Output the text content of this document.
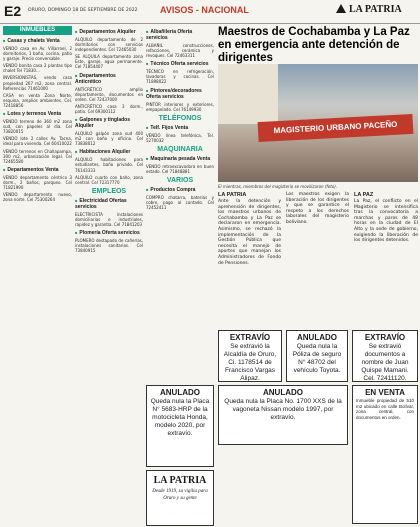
E2 ORURO, DOMINGO 18 DE SEPTIEMBRE DE 2022 AVISOS - NACIONAL	LA PATRIA
INMUEBLES
■ Casas y chalets Venta
VENDO casa en Av. Villarroel, 2 dormitorios, 1 baño, cocina, patio y garaje. Precio conversable.
VENDO bonita casa 2 plantas tipo chalet Tel 71830...
INVERSIONISTAS, vendo casa propiedad 267 m2, zona central. Referencias 71461000
CASA en venta Zona Norte, esquina, amplios ambientes. Cel. 72418856
■ Lotes y terrenos Venta
VENDO terreno de 360 m2 zona sud, con papeles al día. Cel 73820015
VENDO lote 2 calles Av. Tacna, ideal para vivienda. Cel 60410022
VENDO terrenos en Challapampa, 300 m2, urbanización legal. Cel 72465580
■ Departamentos Venta
VENDO departamento céntrico 3 dorm., 2 baños, parqueo. Cel 71821990
VENDO departamento nuevo, zona norte. Cel 75300264
■ Departamentos Alquiler
ALQUILO departamento de 2 dormitorios con servicios independientes. Cel 72465030
SE ALQUILA departamento zona Este, garaje, agua permanente. Cel 71854407
■ Departamentos Anticrético
ANTICRÉTICO amplio departamento, documentos en orden. Cel 72437000
ANTICRÉTICO casa 3 dorm., patio. Cel 69300112
■ Galpones y tinglados Alquiler
ALQUILO galpón zona sud 400 m2 con baño y oficina. Cel 73838012
■ Habitaciones Alquiler
ALQUILO habitaciones para estudiantes, baño privado. Cel 76143333
ALQUILO cuarto con baño, zona central. Cel 72317770
EMPLEOS
■ Electricidad Ofertas servicios
ELECTRICISTA instalaciones domiciliarias e industriales, rapidez y garantía. Cel 71841203
■ Plomería Oferta servicios
PLOMERO destapado de cañerías, instalaciones sanitarias. Cel 73840915
■ Albañilería Oferta servicios
ALBAÑIL construcciones, refacciones, cerámica y revoques. Cel 72463311
■ Técnico Oferta servicios
TÉCNICO en refrigeración, lavadoras y cocinas. Cel 71898022
■ Pintores/decoradores Oferta servicios
PINTOR interiores y exteriores, empapelado. Cel 76149930
TELÉFONOS
■ Telf. Fijos Venta
VENDO línea telefónica, Tel. 5270032
MAQUINARIA
■ Maquinaria pesada Venta
VENDO retroexcavadora en buen estado. Cel 71848881
VARIOS
■ Productos Compra
COMPRO chatarra, baterías y cobre, pago al contado. Cel 72452411
Maestros de Cochabamba y La Paz en emergencia ante detención de dirigentes
MAGISTERIO URBANO PACEÑO
El mientras, miembros del magisterio se movilizaron (foto).
LA PATRIA
Ante la detención y aprehensión de dirigentes, los maestros urbanos de Cochabamba y La Paz se declararon en emergencia. Asimismo, se rechazó la implementación de la Gestión Pública que necesita el manejo de aportes que manejan los Administradores de Fondo de Pensiones.
Los maestros exigen la liberación de los dirigentes y que se garantice el respeto a los derechos laborales del magisterio boliviano.
LA PAZ
La Paz, el conflicto en el Magisterio se intensifica tras la convocatoria a marchas y paros de 48 horas en la ciudad de El Alto y la sede de gobierno, exigiendo la liberación de los dirigentes detenidos.
EXTRAVÍO
Se extravió la Alcaldía de Oruro, Ci. 1178514 de Francisco Vargas Alipaz.
ANULADO
Queda nula la Póliza de seguro N° 48702 del vehículo Toyota.
EXTRAVÍO
Se extravió documentos a nombre de Juan Quispe Mamani. Cel. 72411120.
ANULADO
Queda nula la Placa N° 5683-HRP de la motocicleta Honda, modelo 2020, por extravío.
ANULADO
Queda nula la Placa No. 1700 XXS de la vagoneta Nissan modelo 1997, por extravío.
EN VENTA
Inmueble propiedad de 510 m2 ubicado en calle Bolívar, zona central, con documentos en orden.
LA PATRIA
Desde 1919, su vigilia para Oruro y su gente
